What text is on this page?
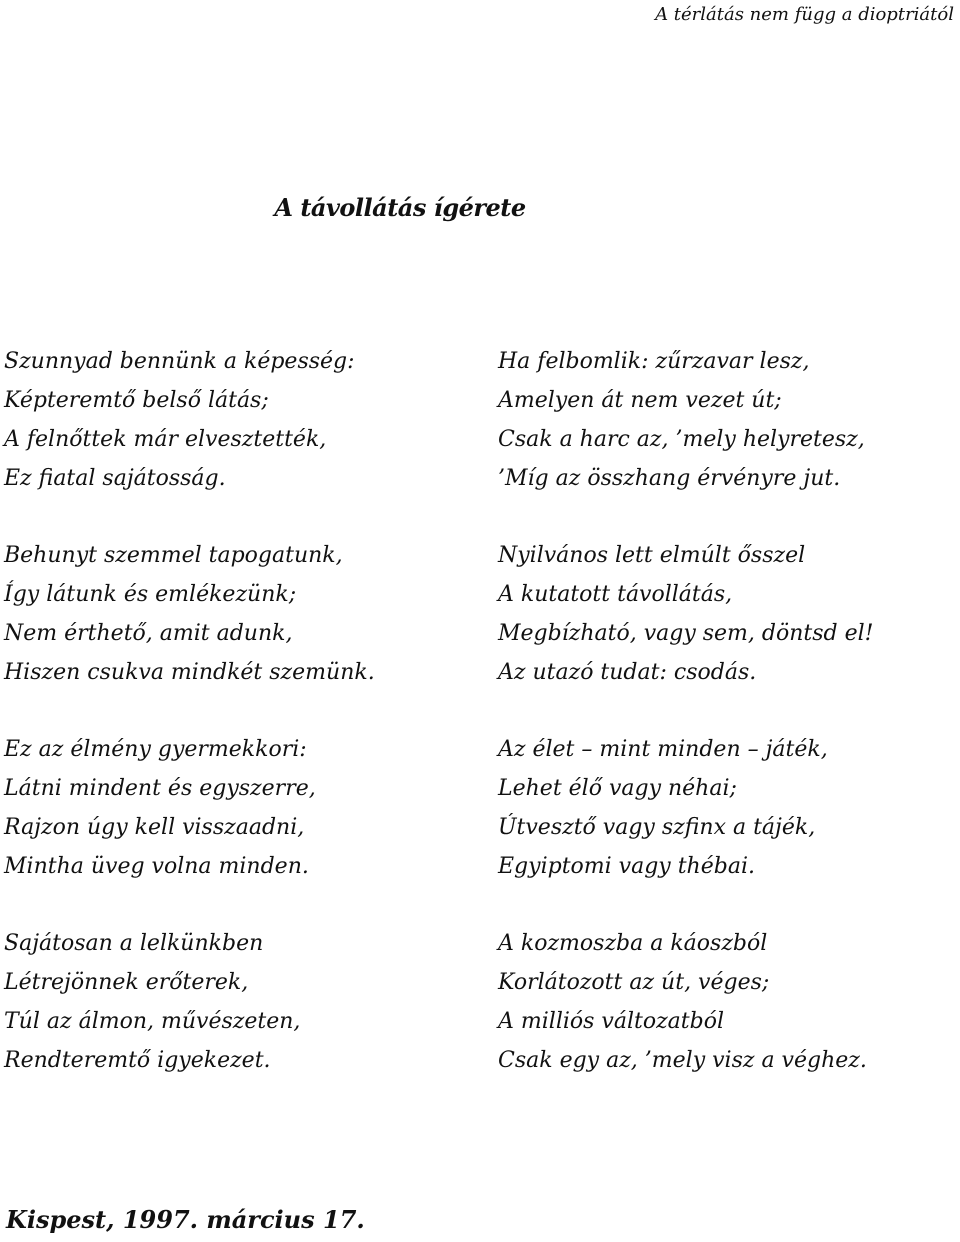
A térlátás nem függ a dioptriától
A távollátás ígérete
Szunnyad bennünk a képesség:
Képteremtő belső látás;
A felnőttek már elvesztették,
Ez fiatal sajátosság.
Behunyt szemmel tapogatunk,
Így látunk és emlékezünk;
Nem érthető, amit adunk,
Hiszen csukva mindkét szemünk.
Ez az élmény gyermekkori:
Látni mindent és egyszerre,
Rajzon úgy kell visszaadni,
Mintha üveg volna minden.
Sajátosan a lelkünkben
Létrejönnek erőterek,
Túl az álmon, művészeten,
Rendteremtő igyekezet.
Ha felbomlik: zűrzavar lesz,
Amelyen át nem vezet út;
Csak a harc az, ’mely helyretesz,
’Míg az összhang érvényre jut.
Nyilvános lett elmúlt ősszel
A kutatott távollátás,
Megbízható, vagy sem, döntsd el!
Az utazó tudat: csodás.
Az élet – mint minden – játék,
Lehet élő vagy néhai;
Útvesztő vagy szfinx a tájék,
Egyiptomi vagy thébai.
A kozmoszba a káoszból
Korlátozott az út, véges;
A milliós változatból
Csak egy az, ’mely visz a véghez.
Kispest, 1997. március 17.
